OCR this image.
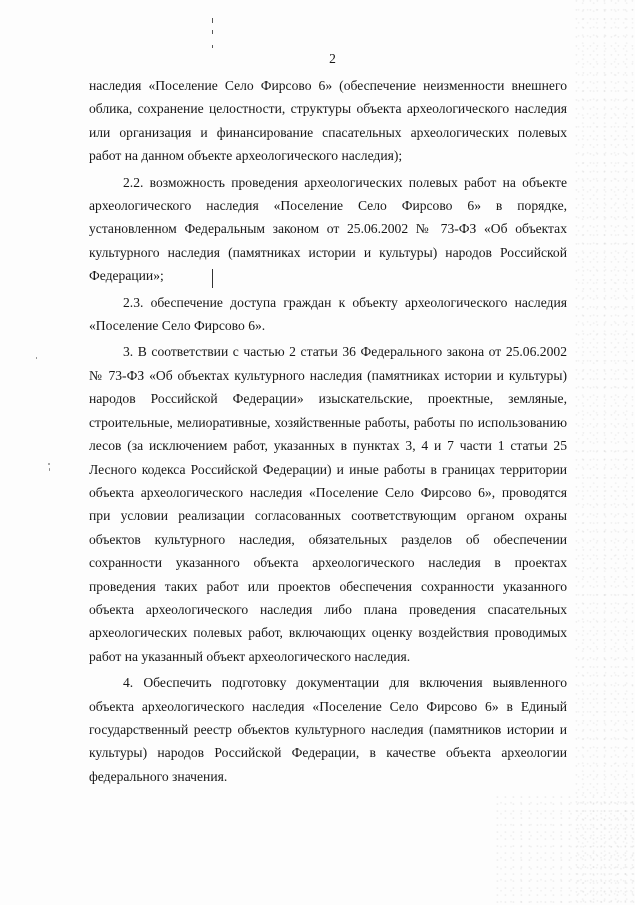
2

наследия «Поселение Село Фирсово 6» (обеспечение неизменности внешнего облика, сохранение целостности, структуры объекта археологического наследия или организация и финансирование спасательных археологических полевых работ на данном объекте археологического наследия);

2.2. возможность проведения археологических полевых работ на объекте археологического наследия «Поселение Село Фирсово 6» в порядке, установленном Федеральным законом от 25.06.2002 № 73-ФЗ «Об объектах культурного наследия (памятниках истории и культуры) народов Российской Федерации»;

2.3. обеспечение доступа граждан к объекту археологического наследия «Поселение Село Фирсово 6».

3. В соответствии с частью 2 статьи 36 Федерального закона от 25.06.2002 № 73-ФЗ «Об объектах культурного наследия (памятниках истории и культуры) народов Российской Федерации» изыскательские, проектные, земляные, строительные, мелиоративные, хозяйственные работы, работы по использованию лесов (за исключением работ, указанных в пунктах 3, 4 и 7 части 1 статьи 25 Лесного кодекса Российской Федерации) и иные работы в границах территории объекта археологического наследия «Поселение Село Фирсово 6», проводятся при условии реализации согласованных соответствующим органом охраны объектов культурного наследия, обязательных разделов об обеспечении сохранности указанного объекта археологического наследия в проектах проведения таких работ или проектов обеспечения сохранности указанного объекта археологического наследия либо плана проведения спасательных археологических полевых работ, включающих оценку воздействия проводимых работ на указанный объект археологического наследия.

4. Обеспечить подготовку документации для включения выявленного объекта археологического наследия «Поселение Село Фирсово 6» в Единый государственный реестр объектов культурного наследия (памятников истории и культуры) народов Российской Федерации, в качестве объекта археологии федерального значения.
